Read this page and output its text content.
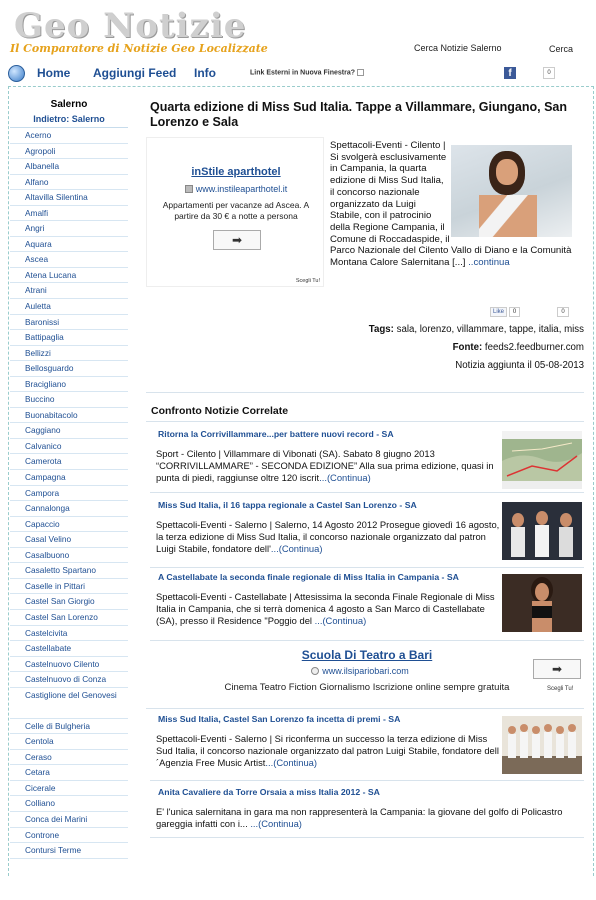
Geo Notizie
Il Comparatore di Notizie Geo Localizzate	Cerca Notizie Salerno	Cerca
Home Aggiungi Feed Info	Link Esterni in Nuova Finestra?	f	0
Salerno
Indietro: Salerno
Acerno
Agropoli
Albanella
Alfano
Altavilla Silentina
Amalfi
Angri
Aquara
Ascea
Atena Lucana
Atrani
Auletta
Baronissi
Battipaglia
Bellizzi
Bellosguardo
Bracigliano
Buccino
Buonabitacolo
Caggiano
Calvanico
Camerota
Campagna
Campora
Cannalonga
Capaccio
Casal Velino
Casalbuono
Casaletto Spartano
Caselle in Pittari
Castel San Giorgio
Castel San Lorenzo
Castelcivita
Castellabate
Castelnuovo Cilento
Castelnuovo di Conza
Castiglione del Genovesi
Celle di Bulgheria
Centola
Ceraso
Cetara
Cicerale
Colliano
Conca dei Marini
Controne
Contursi Terme
Quarta edizione di Miss Sud Italia. Tappe a Villammare, Giungano, San Lorenzo e Sala
inStile aparthotel
www.instileaparthotel.it
Appartamenti per vacanze ad Ascea. A partire da 30 € a notte a persona
➡
Scegli Tu!
Spettacoli-Eventi - Cilento | Si svolgerà esclusivamente in Campania, la quarta edizione di Miss Sud Italia, il concorso nazionale organizzato da Luigi Stabile, con il patrocinio della Regione Campania, il Comune di Roccadaspide, il Parco Nazionale del Cilento Vallo di Diano e la Comunità Montana Calore Salernitana [...] ..continua
Like 0	0
Tags: sala, lorenzo, villammare, tappe, italia, miss
Fonte: feeds2.feedburner.com
Notizia aggiunta il 05-08-2013
Confronto Notizie Correlate
Ritorna la Corrivillammare...per battere nuovi record - SA
Sport - Cilento | Villammare di Vibonati (SA). Sabato 8 giugno 2013 “CORRIVILLAMMARE” - SECONDA EDIZIONE” Alla sua prima edizione, quasi in punta di piedi, raggiunse oltre 120 iscrit...(Continua)
Miss Sud Italia, il 16 tappa regionale a Castel San Lorenzo - SA
Spettacoli-Eventi - Salerno | Salerno, 14 Agosto 2012 Prosegue giovedì 16 agosto, la terza edizione di Miss Sud Italia, il concorso nazionale organizzato dal patron Luigi Stabile, fondatore dell'...(Continua)
A Castellabate la seconda finale regionale di Miss Italia in Campania - SA
Spettacoli-Eventi - Castellabate | Attesissima la seconda Finale Regionale di Miss Italia in Campania, che si terrà domenica 4 agosto a San Marco di Castellabate (SA), presso il Residence "Poggio del ...(Continua)
Scuola Di Teatro a Bari
www.ilsipariobari.com
Cinema Teatro Fiction Giornalismo Iscrizione online sempre gratuita
➡
Scegli Tu!
Miss Sud Italia, Castel San Lorenzo fa incetta di premi - SA
Spettacoli-Eventi - Salerno | Si riconferma un successo la terza edizione di Miss Sud Italia, il concorso nazionale organizzato dal patron Luigi Stabile, fondatore dell´Agenzia Free Music Artist...(Continua)
Anita Cavaliere da Torre Orsaia a miss Italia 2012 - SA
E' l'unica salernitana in gara ma non rappresenterà la Campania: la giovane del golfo di Policastro gareggia infatti con i... ...(Continua)
